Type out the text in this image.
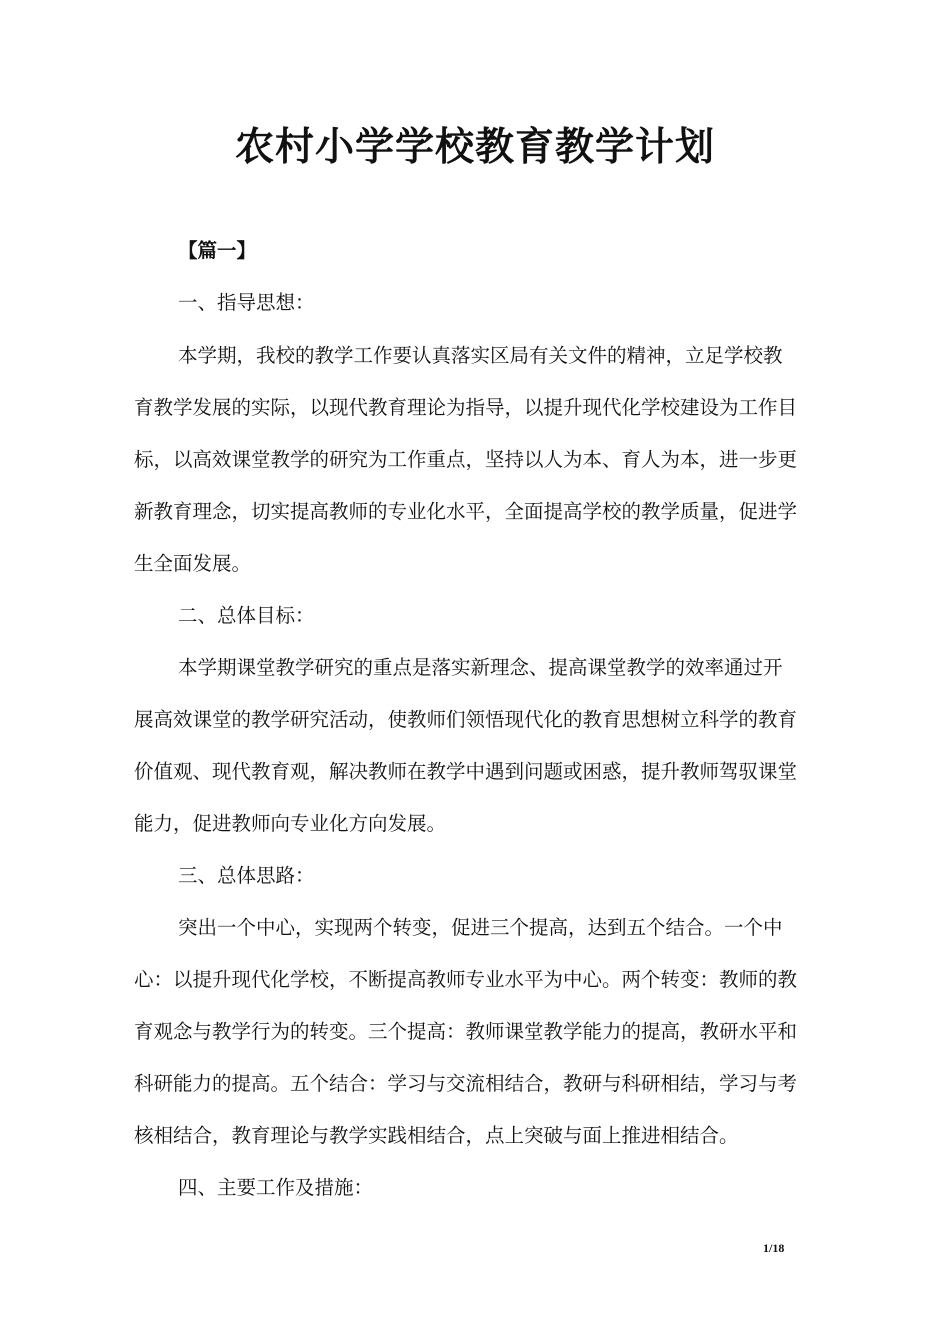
农村小学学校教育教学计划
【篇一】
一、指导思想：
本学期，我校的教学工作要认真落实区局有关文件的精神，立足学校教
育教学发展的实际，以现代教育理论为指导，以提升现代化学校建设为工作目
标，以高效课堂教学的研究为工作重点，坚持以人为本、育人为本，进一步更
新教育理念，切实提高教师的专业化水平，全面提高学校的教学质量，促进学
生全面发展。
二、总体目标：
本学期课堂教学研究的重点是落实新理念、提高课堂教学的效率通过开
展高效课堂的教学研究活动，使教师们领悟现代化的教育思想树立科学的教育
价值观、现代教育观，解决教师在教学中遇到问题或困惑，提升教师驾驭课堂
能力，促进教师向专业化方向发展。
三、总体思路：
突出一个中心，实现两个转变，促进三个提高，达到五个结合。一个中
心：以提升现代化学校，不断提高教师专业水平为中心。两个转变：教师的教
育观念与教学行为的转变。三个提高：教师课堂教学能力的提高，教研水平和
科研能力的提高。五个结合：学习与交流相结合，教研与科研相结，学习与考
核相结合，教育理论与教学实践相结合，点上突破与面上推进相结合。
四、主要工作及措施：
1/18
